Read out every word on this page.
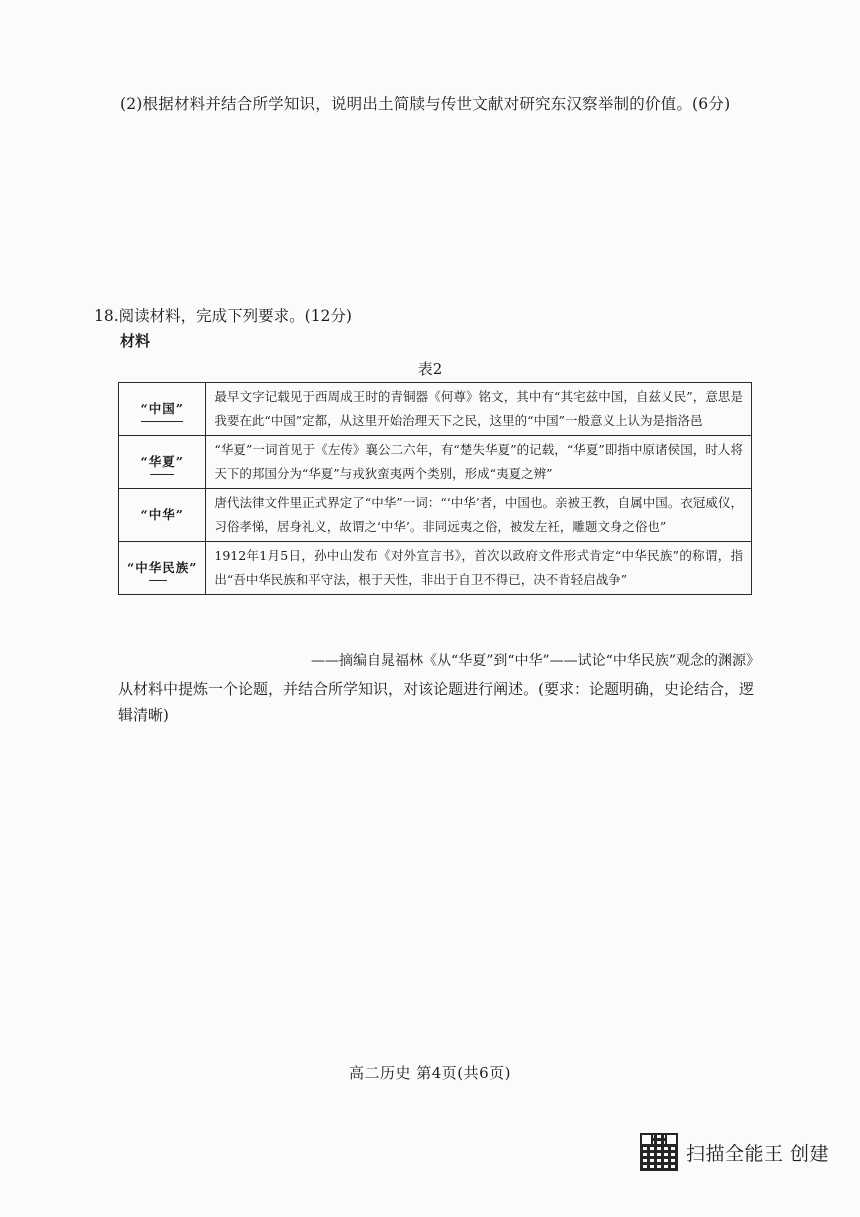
(2)根据材料并结合所学知识，说明出土简牍与传世文献对研究东汉察举制的价值。(6分)
18.阅读材料，完成下列要求。(12分)
材料
表2
“中国”	最早文字记载见于西周成王时的青铜器《何尊》铭文，其中有“其宅兹中国，自兹乂民”，意思是我要在此“中国”定都，从这里开始治理天下之民，这里的“中国”一般意义上认为是指洛邑
“华夏”	“华夏”一词首见于《左传》襄公二六年，有“楚失华夏”的记载，“华夏”即指中原诸侯国，时人将天下的邦国分为“华夏”与戎狄蛮夷两个类别，形成“夷夏之辨”
“中华”	唐代法律文件里正式界定了“中华”一词：“‘中华’者，中国也。亲被王教，自属中国。衣冠威仪，习俗孝悌，居身礼义，故谓之‘中华’。非同远夷之俗，被发左衽，雕题文身之俗也”
“中华民族”	1912年1月5日，孙中山发布《对外宣言书》，首次以政府文件形式肯定“中华民族”的称谓，指出“吾中华民族和平守法，根于天性，非出于自卫不得已，决不肯轻启战争”
——摘编自晁福林《从“华夏”到“中华”——试论“中华民族”观念的渊源》
从材料中提炼一个论题，并结合所学知识，对该论题进行阐述。(要求：论题明确，史论结合，逻辑清晰)
高二历史 第4页(共6页)
扫描全能王 创建
